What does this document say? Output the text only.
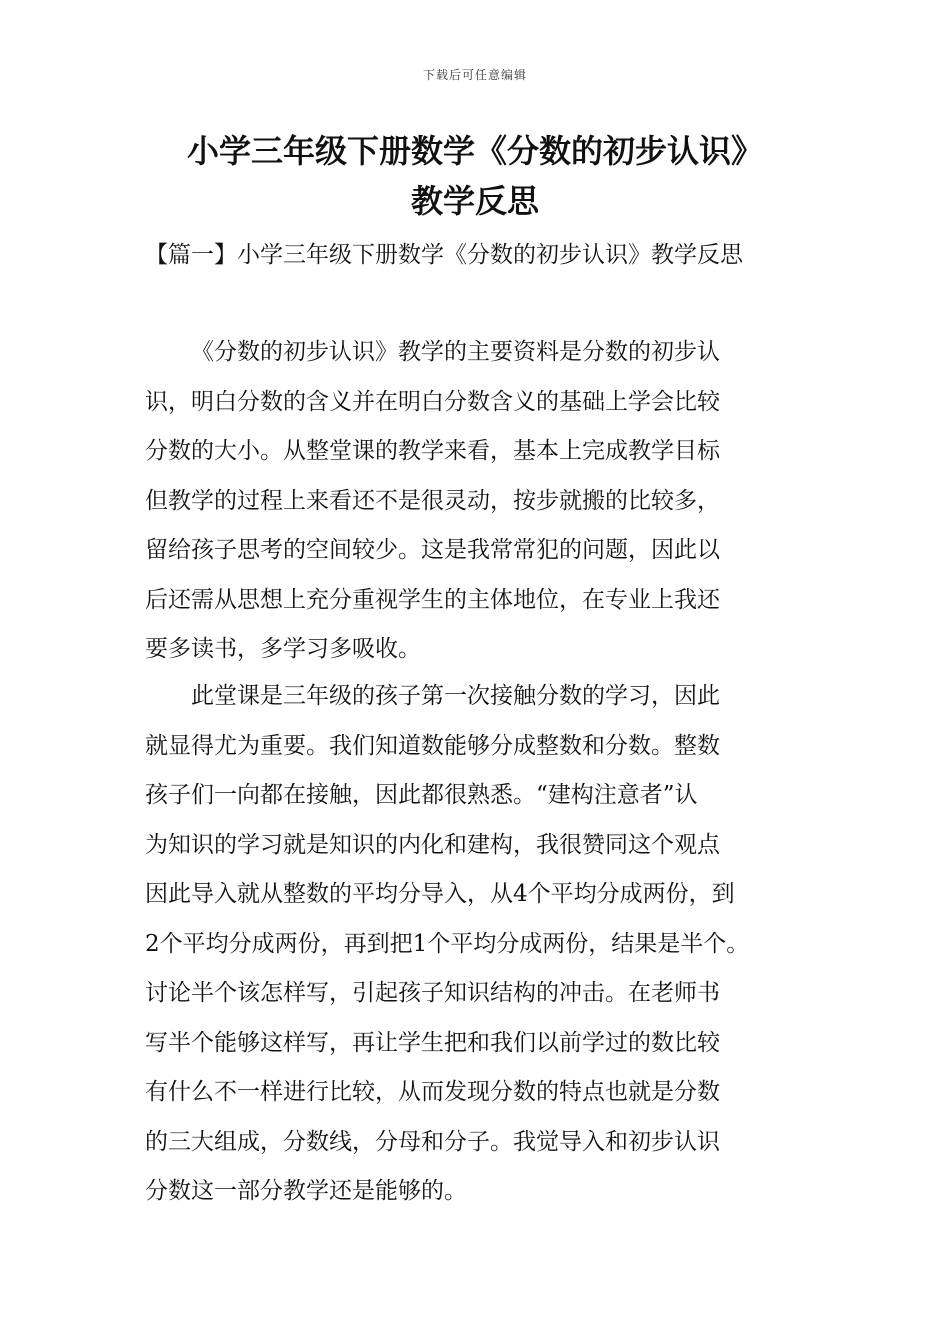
下载后可任意编辑
小学三年级下册数学《分数的初步认识》
教学反思

【篇一】小学三年级下册数学《分数的初步认识》教学反思

《分数的初步认识》教学的主要资料是分数的初步认
识，明白分数的含义并在明白分数含义的基础上学会比较
分数的大小。从整堂课的教学来看，基本上完成教学目标
但教学的过程上来看还不是很灵动，按步就搬的比较多，
留给孩子思考的空间较少。这是我常常犯的问题，因此以
后还需从思想上充分重视学生的主体地位，在专业上我还
要多读书，多学习多吸收。

此堂课是三年级的孩子第一次接触分数的学习，因此
就显得尤为重要。我们知道数能够分成整数和分数。整数
孩子们一向都在接触，因此都很熟悉。“建构注意者”认
为知识的学习就是知识的内化和建构，我很赞同这个观点
因此导入就从整数的平均分导入，从4个平均分成两份，到
2个平均分成两份，再到把1个平均分成两份，结果是半个。
讨论半个该怎样写，引起孩子知识结构的冲击。在老师书
写半个能够这样写，再让学生把和我们以前学过的数比较
有什么不一样进行比较，从而发现分数的特点也就是分数
的三大组成，分数线，分母和分子。我觉导入和初步认识
分数这一部分教学还是能够的。
